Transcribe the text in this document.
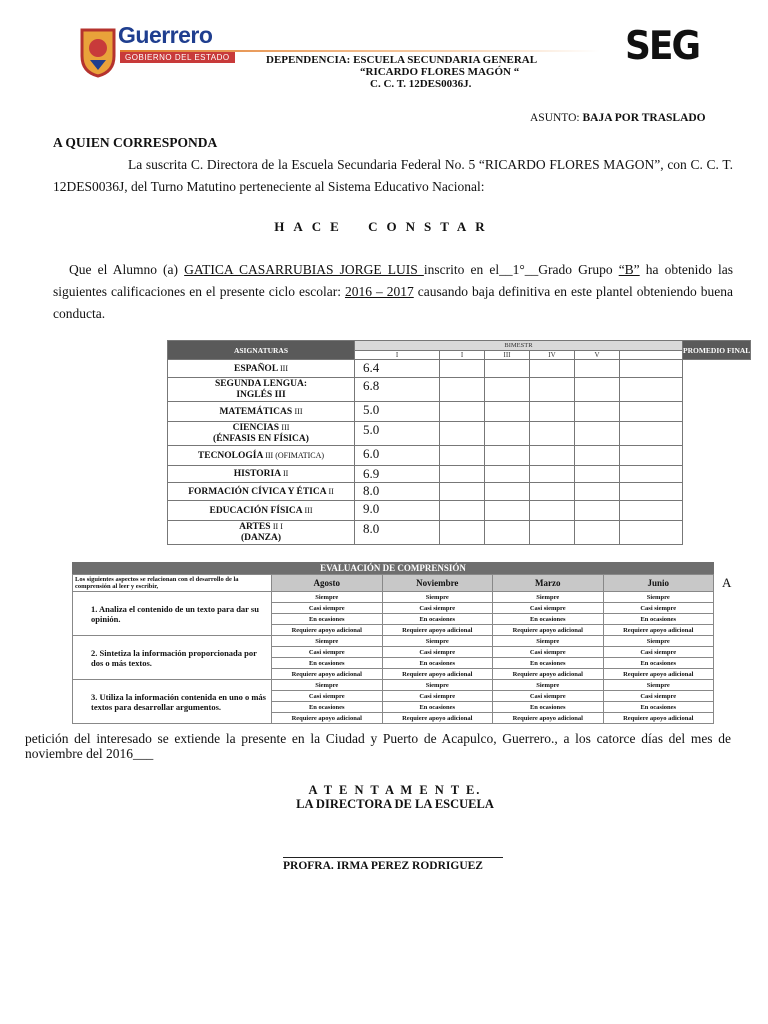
Guerrero
GOBIERNO DEL ESTADO	SEG
DEPENDENCIA: ESCUELA SECUNDARIA GENERAL
“RICARDO FLORES MAGÓN “
C. C. T. 12DES0036J.
ASUNTO: BAJA POR TRASLADO
A QUIEN CORRESPONDA
La suscrita C. Directora de la Escuela Secundaria Federal No. 5 “RICARDO FLORES MAGON”, con C. C. T. 12DES0036J, del Turno Matutino perteneciente al Sistema Educativo Nacional:
HACE CONSTAR
Que el Alumno (a) GATICA CASARRUBIAS JORGE LUIS inscrito en el__1°__Grado Grupo “B” ha obtenido las siguientes calificaciones en el presente ciclo escolar: 2016 – 2017 causando baja definitiva en este plantel obteniendo buena conducta.
ASIGNATURAS	BIMESTR						PROMEDIO FINAL
	I	I	III	IV	V		
ESPAÑOL III	6.4						
SEGUNDA LENGUA:
INGLÉS III	6.8						
MATEMÁTICAS III	5.0						
CIENCIAS III
(ÉNFASIS EN FÍSICA)	5.0						
TECNOLOGÍA III (OFIMATICA)	6.0						
HISTORIA II	6.9						
FORMACIÓN CÍVICA Y ÉTICA II	8.0						
EDUCACIÓN FÍSICA III	9.0						
ARTES II I
(DANZA)	8.0						
EVALUACIÓN DE COMPRENSIÓN
Los siguientes aspectos se relacionan con el desarrollo de la comprensión al leer y escribir,	Agosto	Noviembre	Marzo	Junio
1. Analiza el contenido de un texto para dar su opinión.	Siempre	Siempre	Siempre	Siempre
	Casi siempre	Casi siempre	Casi siempre	Casi siempre
	En ocasiones	En ocasiones	En ocasiones	En ocasiones
	Requiere apoyo adicional	Requiere apoyo adicional	Requiere apoyo adicional	Requiere apoyo adicional
2. Sintetiza la información proporcionada por dos o más textos.	Siempre	Siempre	Siempre	Siempre
	Casi siempre	Casi siempre	Casi siempre	Casi siempre
	En ocasiones	En ocasiones	En ocasiones	En ocasiones
	Requiere apoyo adicional	Requiere apoyo adicional	Requiere apoyo adicional	Requiere apoyo adicional
3. Utiliza la información contenida en uno o más textos para desarrollar argumentos.	Siempre	Siempre	Siempre	Siempre
	Casi siempre	Casi siempre	Casi siempre	Casi siempre
	En ocasiones	En ocasiones	En ocasiones	En ocasiones
	Requiere apoyo adicional	Requiere apoyo adicional	Requiere apoyo adicional	Requiere apoyo adicional
A
petición del interesado se extiende la presente en la Ciudad y Puerto de Acapulco, Guerrero., a los catorce días del mes de noviembre del 2016___
A T E N T A M E N T E.
LA DIRECTORA DE LA ESCUELA
PROFRA. IRMA PEREZ RODRIGUEZ
